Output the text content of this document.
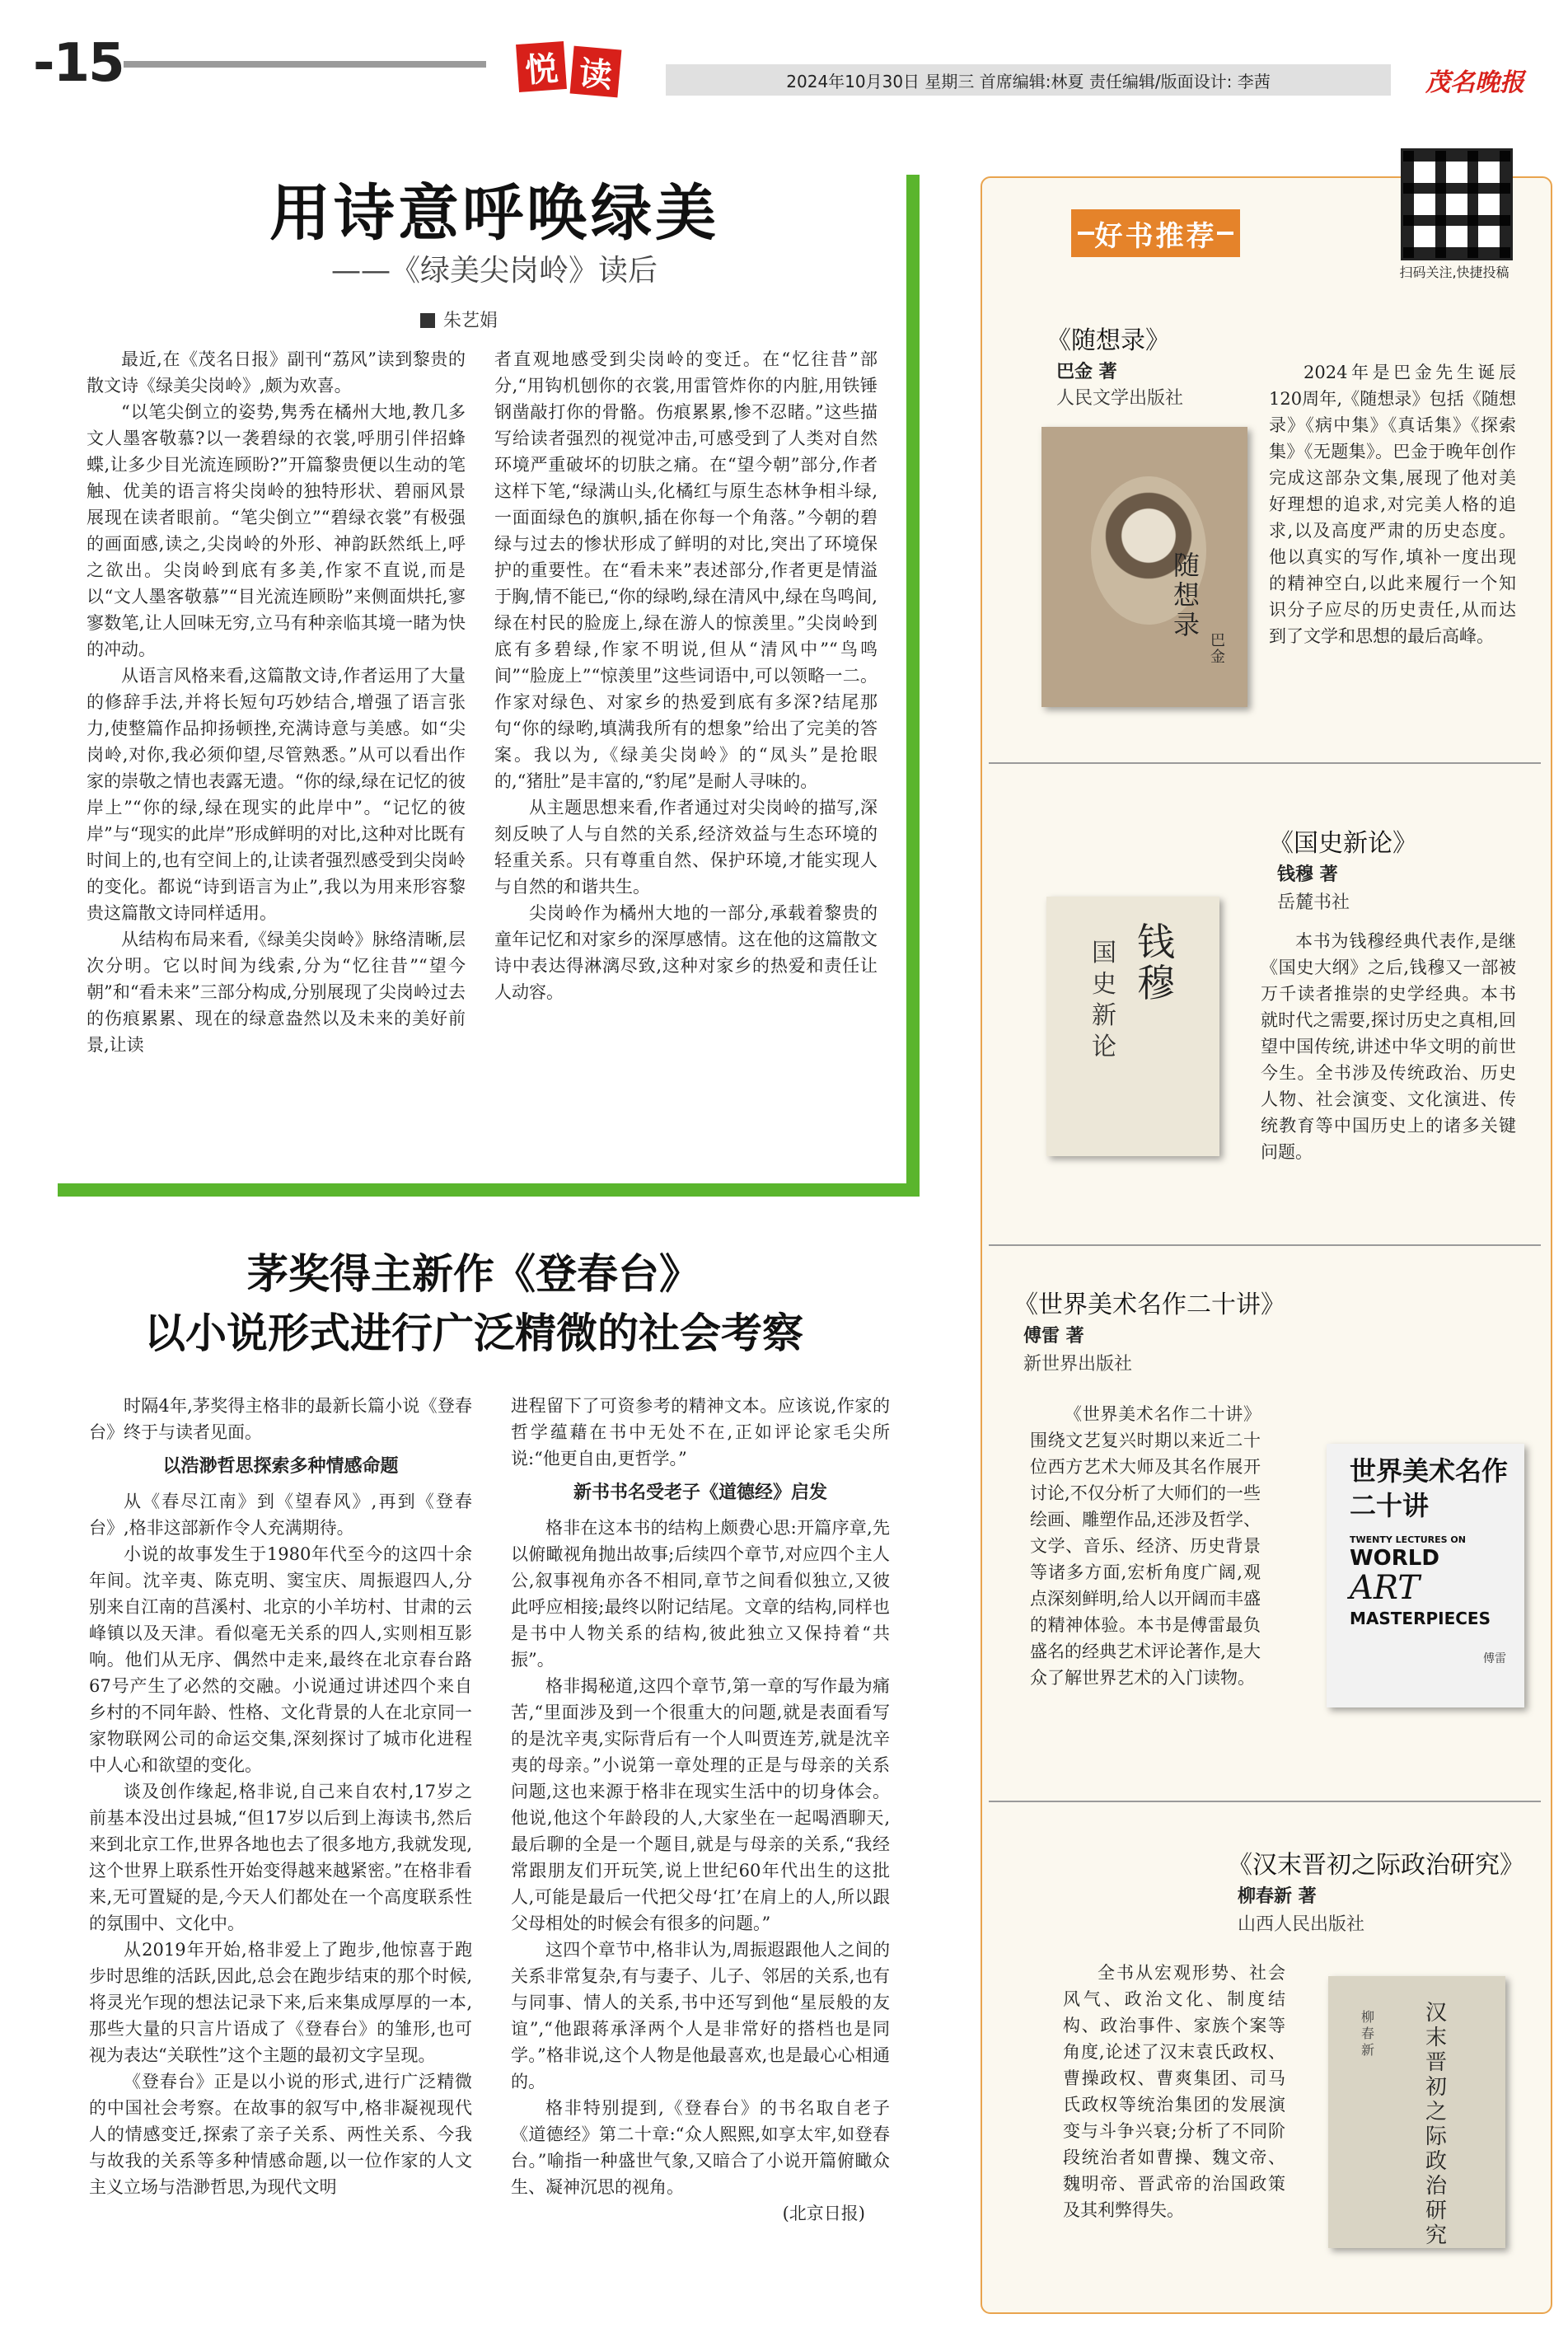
-15	悦 读	2024年10月30日 星期三 首席编辑:林夏 责任编辑/版面设计: 李茜	茂名晚报
用诗意呼唤绿美
——《绿美尖岗岭》读后
朱艺娟

最近,在《茂名日报》副刊“荔风”读到黎贵的散文诗《绿美尖岗岭》,颇为欢喜。

“以笔尖倒立的姿势,隽秀在橘州大地,教几多文人墨客敬慕?以一袭碧绿的衣裳,呼朋引伴招蜂蝶,让多少目光流连顾盼?”开篇黎贵便以生动的笔触、优美的语言将尖岗岭的独特形状、碧丽风景展现在读者眼前。“笔尖倒立”“碧绿衣裳”有极强的画面感,读之,尖岗岭的外形、神韵跃然纸上,呼之欲出。尖岗岭到底有多美,作家不直说,而是以“文人墨客敬慕”“目光流连顾盼”来侧面烘托,寥寥数笔,让人回味无穷,立马有种亲临其境一睹为快的冲动。

从语言风格来看,这篇散文诗,作者运用了大量的修辞手法,并将长短句巧妙结合,增强了语言张力,使整篇作品抑扬顿挫,充满诗意与美感。如“尖岗岭,对你,我必须仰望,尽管熟悉。”从可以看出作家的崇敬之情也表露无遗。“你的绿,绿在记忆的彼岸上”“你的绿,绿在现实的此岸中”。“记忆的彼岸”与“现实的此岸”形成鲜明的对比,这种对比既有时间上的,也有空间上的,让读者强烈感受到尖岗岭的变化。都说“诗到语言为止”,我以为用来形容黎贵这篇散文诗同样适用。

从结构布局来看,《绿美尖岗岭》脉络清晰,层次分明。它以时间为线索,分为“忆往昔”“望今朝”和“看未来”三部分构成,分别展现了尖岗岭过去的伤痕累累、现在的绿意盎然以及未来的美好前景,让读

者直观地感受到尖岗岭的变迁。在“忆往昔”部分,“用钩机刨你的衣裳,用雷管炸你的内脏,用铁锤钢凿敲打你的骨骼。伤痕累累,惨不忍睹。”这些描写给读者强烈的视觉冲击,可感受到了人类对自然环境严重破坏的切肤之痛。在“望今朝”部分,作者这样下笔,“绿满山头,化橘红与原生态林争相斗绿,一面面绿色的旗帜,插在你每一个角落。”今朝的碧绿与过去的惨状形成了鲜明的对比,突出了环境保护的重要性。在“看未来”表述部分,作者更是情溢于胸,情不能已,“你的绿哟,绿在清风中,绿在鸟鸣间,绿在村民的脸庞上,绿在游人的惊羡里。”尖岗岭到底有多碧绿,作家不明说,但从“清风中”“鸟鸣间”“脸庞上”“惊羡里”这些词语中,可以领略一二。作家对绿色、对家乡的热爱到底有多深?结尾那句“你的绿哟,填满我所有的想象”给出了完美的答案。我以为,《绿美尖岗岭》的“凤头”是抢眼的,“猪肚”是丰富的,“豹尾”是耐人寻味的。

从主题思想来看,作者通过对尖岗岭的描写,深刻反映了人与自然的关系,经济效益与生态环境的轻重关系。只有尊重自然、保护环境,才能实现人与自然的和谐共生。

尖岗岭作为橘州大地的一部分,承载着黎贵的童年记忆和对家乡的深厚感情。这在他的这篇散文诗中表达得淋漓尽致,这种对家乡的热爱和责任让人动容。

茅奖得主新作《登春台》
以小说形式进行广泛精微的社会考察

时隔4年,茅奖得主格非的最新长篇小说《登春台》终于与读者见面。

以浩渺哲思探索多种情感命题

从《春尽江南》到《望春风》,再到《登春台》,格非这部新作令人充满期待。

小说的故事发生于1980年代至今的这四十余年间。沈辛夷、陈克明、窦宝庆、周振遐四人,分别来自江南的莒溪村、北京的小羊坊村、甘肃的云峰镇以及天津。看似毫无关系的四人,实则相互影响。他们从无序、偶然中走来,最终在北京春台路67号产生了必然的交融。小说通过讲述四个来自乡村的不同年龄、性格、文化背景的人在北京同一家物联网公司的命运交集,深刻探讨了城市化进程中人心和欲望的变化。

谈及创作缘起,格非说,自己来自农村,17岁之前基本没出过县城,“但17岁以后到上海读书,然后来到北京工作,世界各地也去了很多地方,我就发现,这个世界上联系性开始变得越来越紧密。”在格非看来,无可置疑的是,今天人们都处在一个高度联系性的氛围中、文化中。

从2019年开始,格非爱上了跑步,他惊喜于跑步时思维的活跃,因此,总会在跑步结束的那个时候,将灵光乍现的想法记录下来,后来集成厚厚的一本,那些大量的只言片语成了《登春台》的雏形,也可视为表达“关联性”这个主题的最初文字呈现。

《登春台》正是以小说的形式,进行广泛精微的中国社会考察。在故事的叙写中,格非凝视现代人的情感变迁,探索了亲子关系、两性关系、今我与故我的关系等多种情感命题,以一位作家的人文主义立场与浩渺哲思,为现代文明

进程留下了可资参考的精神文本。应该说,作家的哲学蕴藉在书中无处不在,正如评论家毛尖所说:“他更自由,更哲学。”

新书书名受老子《道德经》启发

格非在这本书的结构上颇费心思:开篇序章,先以俯瞰视角抛出故事;后续四个章节,对应四个主人公,叙事视角亦各不相同,章节之间看似独立,又彼此呼应相接;最终以附记结尾。文章的结构,同样也是书中人物关系的结构,彼此独立又保持着“共振”。

格非揭秘道,这四个章节,第一章的写作最为痛苦,“里面涉及到一个很重大的问题,就是表面看写的是沈辛夷,实际背后有一个人叫贾连芳,就是沈辛夷的母亲。”小说第一章处理的正是与母亲的关系问题,这也来源于格非在现实生活中的切身体会。他说,他这个年龄段的人,大家坐在一起喝酒聊天,最后聊的全是一个题目,就是与母亲的关系,“我经常跟朋友们开玩笑,说上世纪60年代出生的这批人,可能是最后一代把父母‘扛’在肩上的人,所以跟父母相处的时候会有很多的问题。”

这四个章节中,格非认为,周振遐跟他人之间的关系非常复杂,有与妻子、儿子、邻居的关系,也有与同事、情人的关系,书中还写到他“星辰般的友谊”,“他跟蒋承泽两个人是非常好的搭档也是同学。”格非说,这个人物是他最喜欢,也是最心心相通的。

格非特别提到,《登春台》的书名取自老子《道德经》第二十章:“众人熙熙,如享太牢,如登春台。”喻指一种盛世气象,又暗合了小说开篇俯瞰众生、凝神沉思的视角。

(北京日报)

好书推荐
扫码关注,快捷投稿
《随想录》
巴金 著
人民文学出版社
随想录
巴金

2024年是巴金先生诞辰120周年,《随想录》包括《随想录》《病中集》《真话集》《探索集》《无题集》。巴金于晚年创作完成这部杂文集,展现了他对美好理想的追求,对完美人格的追求,以及高度严肃的历史态度。他以真实的写作,填补一度出现的精神空白,以此来履行一个知识分子应尽的历史责任,从而达到了文学和思想的最后高峰。

《国史新论》
钱穆 著
岳麓书社
国史新论
钱穆

本书为钱穆经典代表作,是继《国史大纲》之后,钱穆又一部被万千读者推崇的史学经典。本书就时代之需要,探讨历史之真相,回望中国传统,讲述中华文明的前世今生。全书涉及传统政治、历史人物、社会演变、文化演进、传统教育等中国历史上的诸多关键问题。

《世界美术名作二十讲》
傅雷 著
新世界出版社

《世界美术名作二十讲》围绕文艺复兴时期以来近二十位西方艺术大师及其名作展开讨论,不仅分析了大师们的一些绘画、雕塑作品,还涉及哲学、文学、音乐、经济、历史背景等诸多方面,宏析角度广阔,观点深刻鲜明,给人以开阔而丰盛的精神体验。本书是傅雷最负盛名的经典艺术评论著作,是大众了解世界艺术的入门读物。

世界美术名作
二十讲
TWENTY LECTURES ON
WORLD
ART
MASTERPIECES
傅雷
《汉末晋初之际政治研究》
柳春新 著
山西人民出版社

全书从宏观形势、社会风气、政治文化、制度结构、政治事件、家族个案等角度,论述了汉末袁氏政权、曹操政权、曹爽集团、司马氏政权等统治集团的发展演变与斗争兴衰;分析了不同阶段统治者如曹操、魏文帝、魏明帝、晋武帝的治国政策及其利弊得失。

汉末晋初之际政治研究
柳春新
